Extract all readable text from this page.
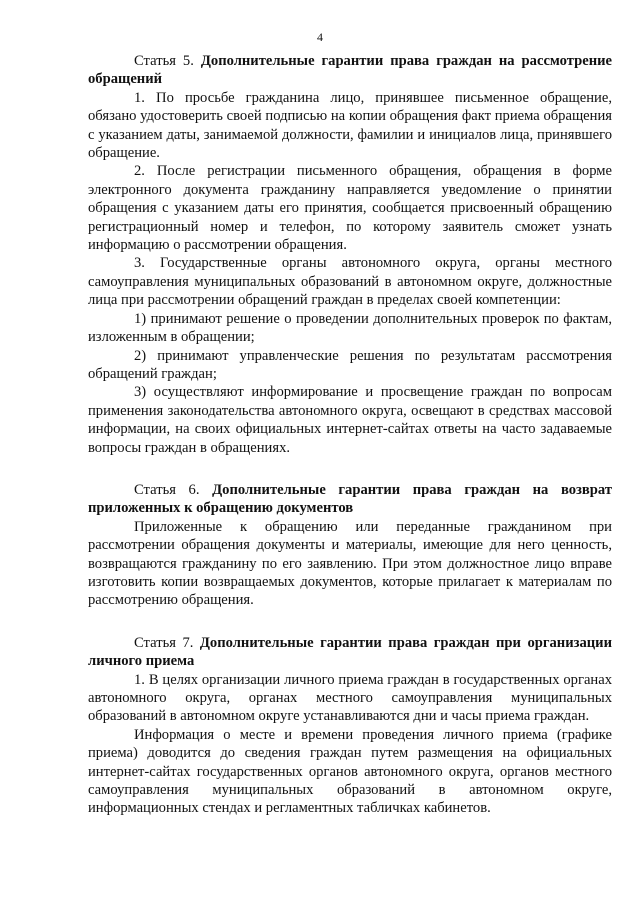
4

Статья 5. Дополнительные гарантии права граждан на рассмотрение обращений

1. По просьбе гражданина лицо, принявшее письменное обращение, обязано удостоверить своей подписью на копии обращения факт приема обращения с указанием даты, занимаемой должности, фамилии и инициалов лица, принявшего обращение.

2. После регистрации письменного обращения, обращения в форме электронного документа гражданину направляется уведомление о принятии обращения с указанием даты его принятия, сообщается присвоенный обращению регистрационный номер и телефон, по которому заявитель сможет узнать информацию о рассмотрении обращения.

3. Государственные органы автономного округа, органы местного самоуправления муниципальных образований в автономном округе, должностные лица при рассмотрении обращений граждан в пределах своей компетенции:

1) принимают решение о проведении дополнительных проверок по фактам, изложенным в обращении;

2) принимают управленческие решения по результатам рассмотрения обращений граждан;

3) осуществляют информирование и просвещение граждан по вопросам применения законодательства автономного округа, освещают в средствах массовой информации, на своих официальных интернет-сайтах ответы на часто задаваемые вопросы граждан в обращениях.

Статья 6. Дополнительные гарантии права граждан на возврат приложенных к обращению документов

Приложенные к обращению или переданные гражданином при рассмотрении обращения документы и материалы, имеющие для него ценность, возвращаются гражданину по его заявлению. При этом должностное лицо вправе изготовить копии возвращаемых документов, которые прилагает к материалам по рассмотрению обращения.

Статья 7. Дополнительные гарантии права граждан при организации личного приема

1. В целях организации личного приема граждан в государственных органах автономного округа, органах местного самоуправления муниципальных образований в автономном округе устанавливаются дни и часы приема граждан.

Информация о месте и времени проведения личного приема (графике приема) доводится до сведения граждан путем размещения на официальных интернет-сайтах государственных органов автономного округа, органов местного самоуправления муниципальных образований в автономном округе, информационных стендах и регламентных табличках кабинетов.
